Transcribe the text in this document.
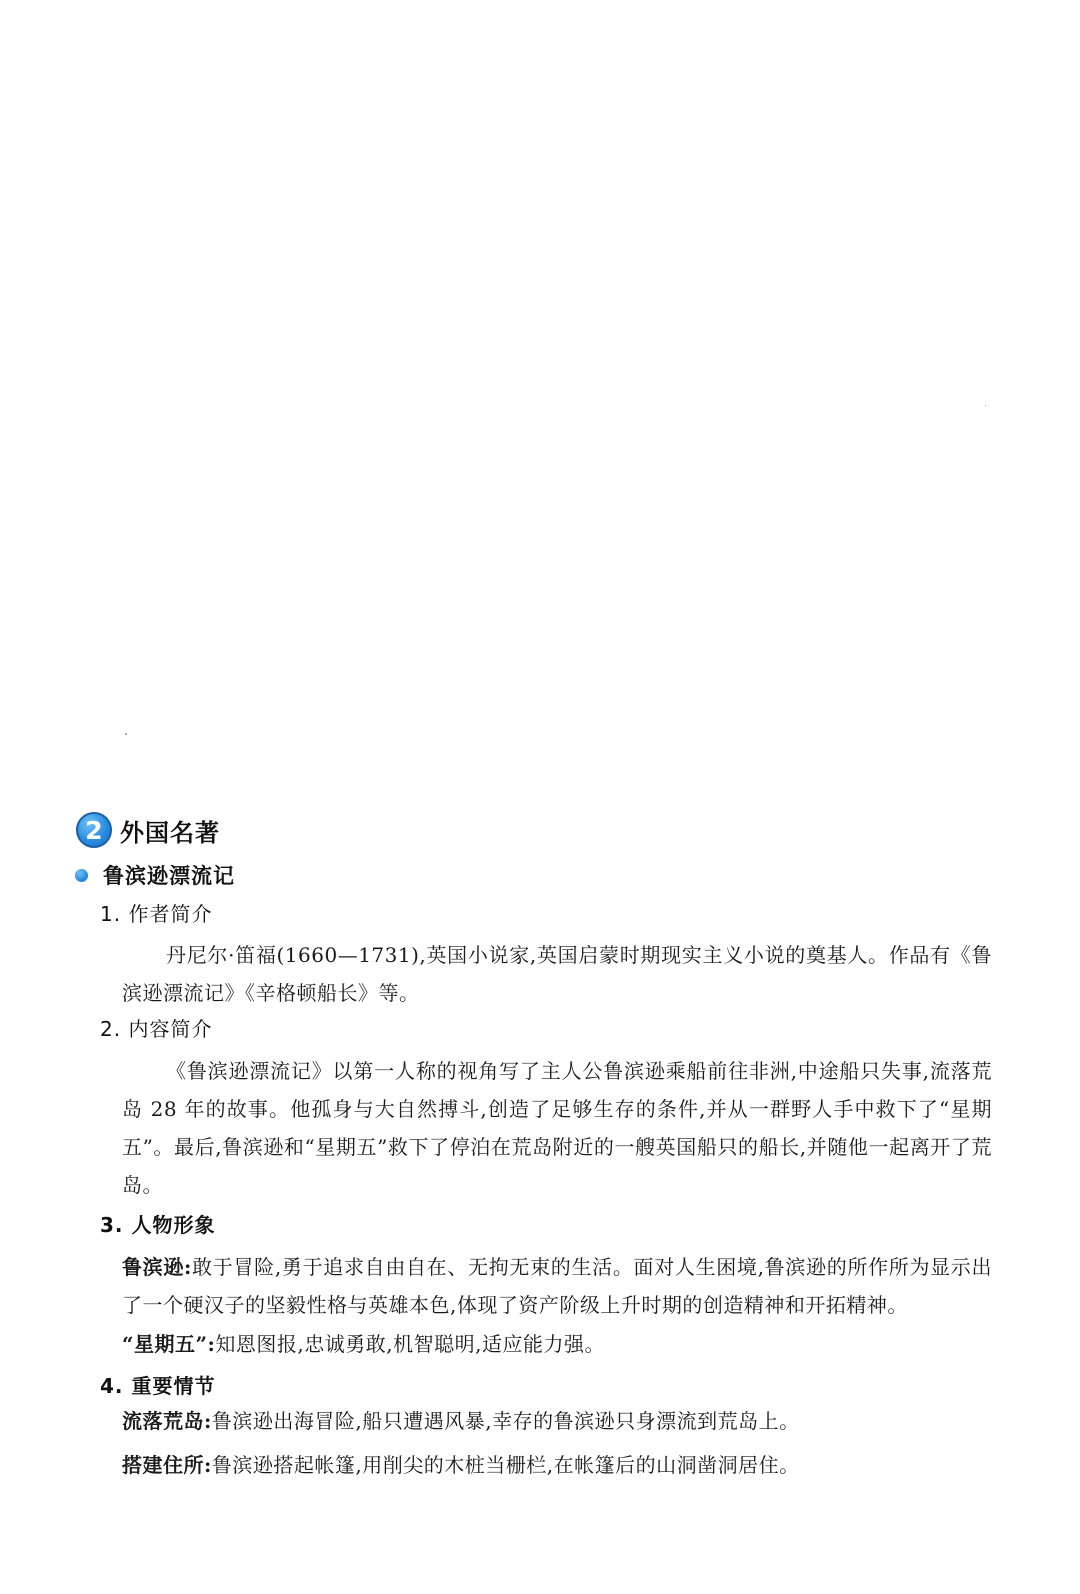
2 外国名著
鲁滨逊漂流记
1. 作者简介
丹尼尔·笛福(1660—1731),英国小说家,英国启蒙时期现实主义小说的奠基人。作品有《鲁滨逊漂流记》《辛格顿船长》等。
2. 内容简介
《鲁滨逊漂流记》以第一人称的视角写了主人公鲁滨逊乘船前往非洲,中途船只失事,流落荒岛 28 年的故事。他孤身与大自然搏斗,创造了足够生存的条件,并从一群野人手中救下了“星期五”。最后,鲁滨逊和“星期五”救下了停泊在荒岛附近的一艘英国船只的船长,并随他一起离开了荒岛。
3. 人物形象
鲁滨逊:敢于冒险,勇于追求自由自在、无拘无束的生活。面对人生困境,鲁滨逊的所作所为显示出了一个硬汉子的坚毅性格与英雄本色,体现了资产阶级上升时期的创造精神和开拓精神。
“星期五”:知恩图报,忠诚勇敢,机智聪明,适应能力强。
4. 重要情节
流落荒岛:鲁滨逊出海冒险,船只遭遇风暴,幸存的鲁滨逊只身漂流到荒岛上。
搭建住所:鲁滨逊搭起帐篷,用削尖的木桩当栅栏,在帐篷后的山洞凿洞居住。
